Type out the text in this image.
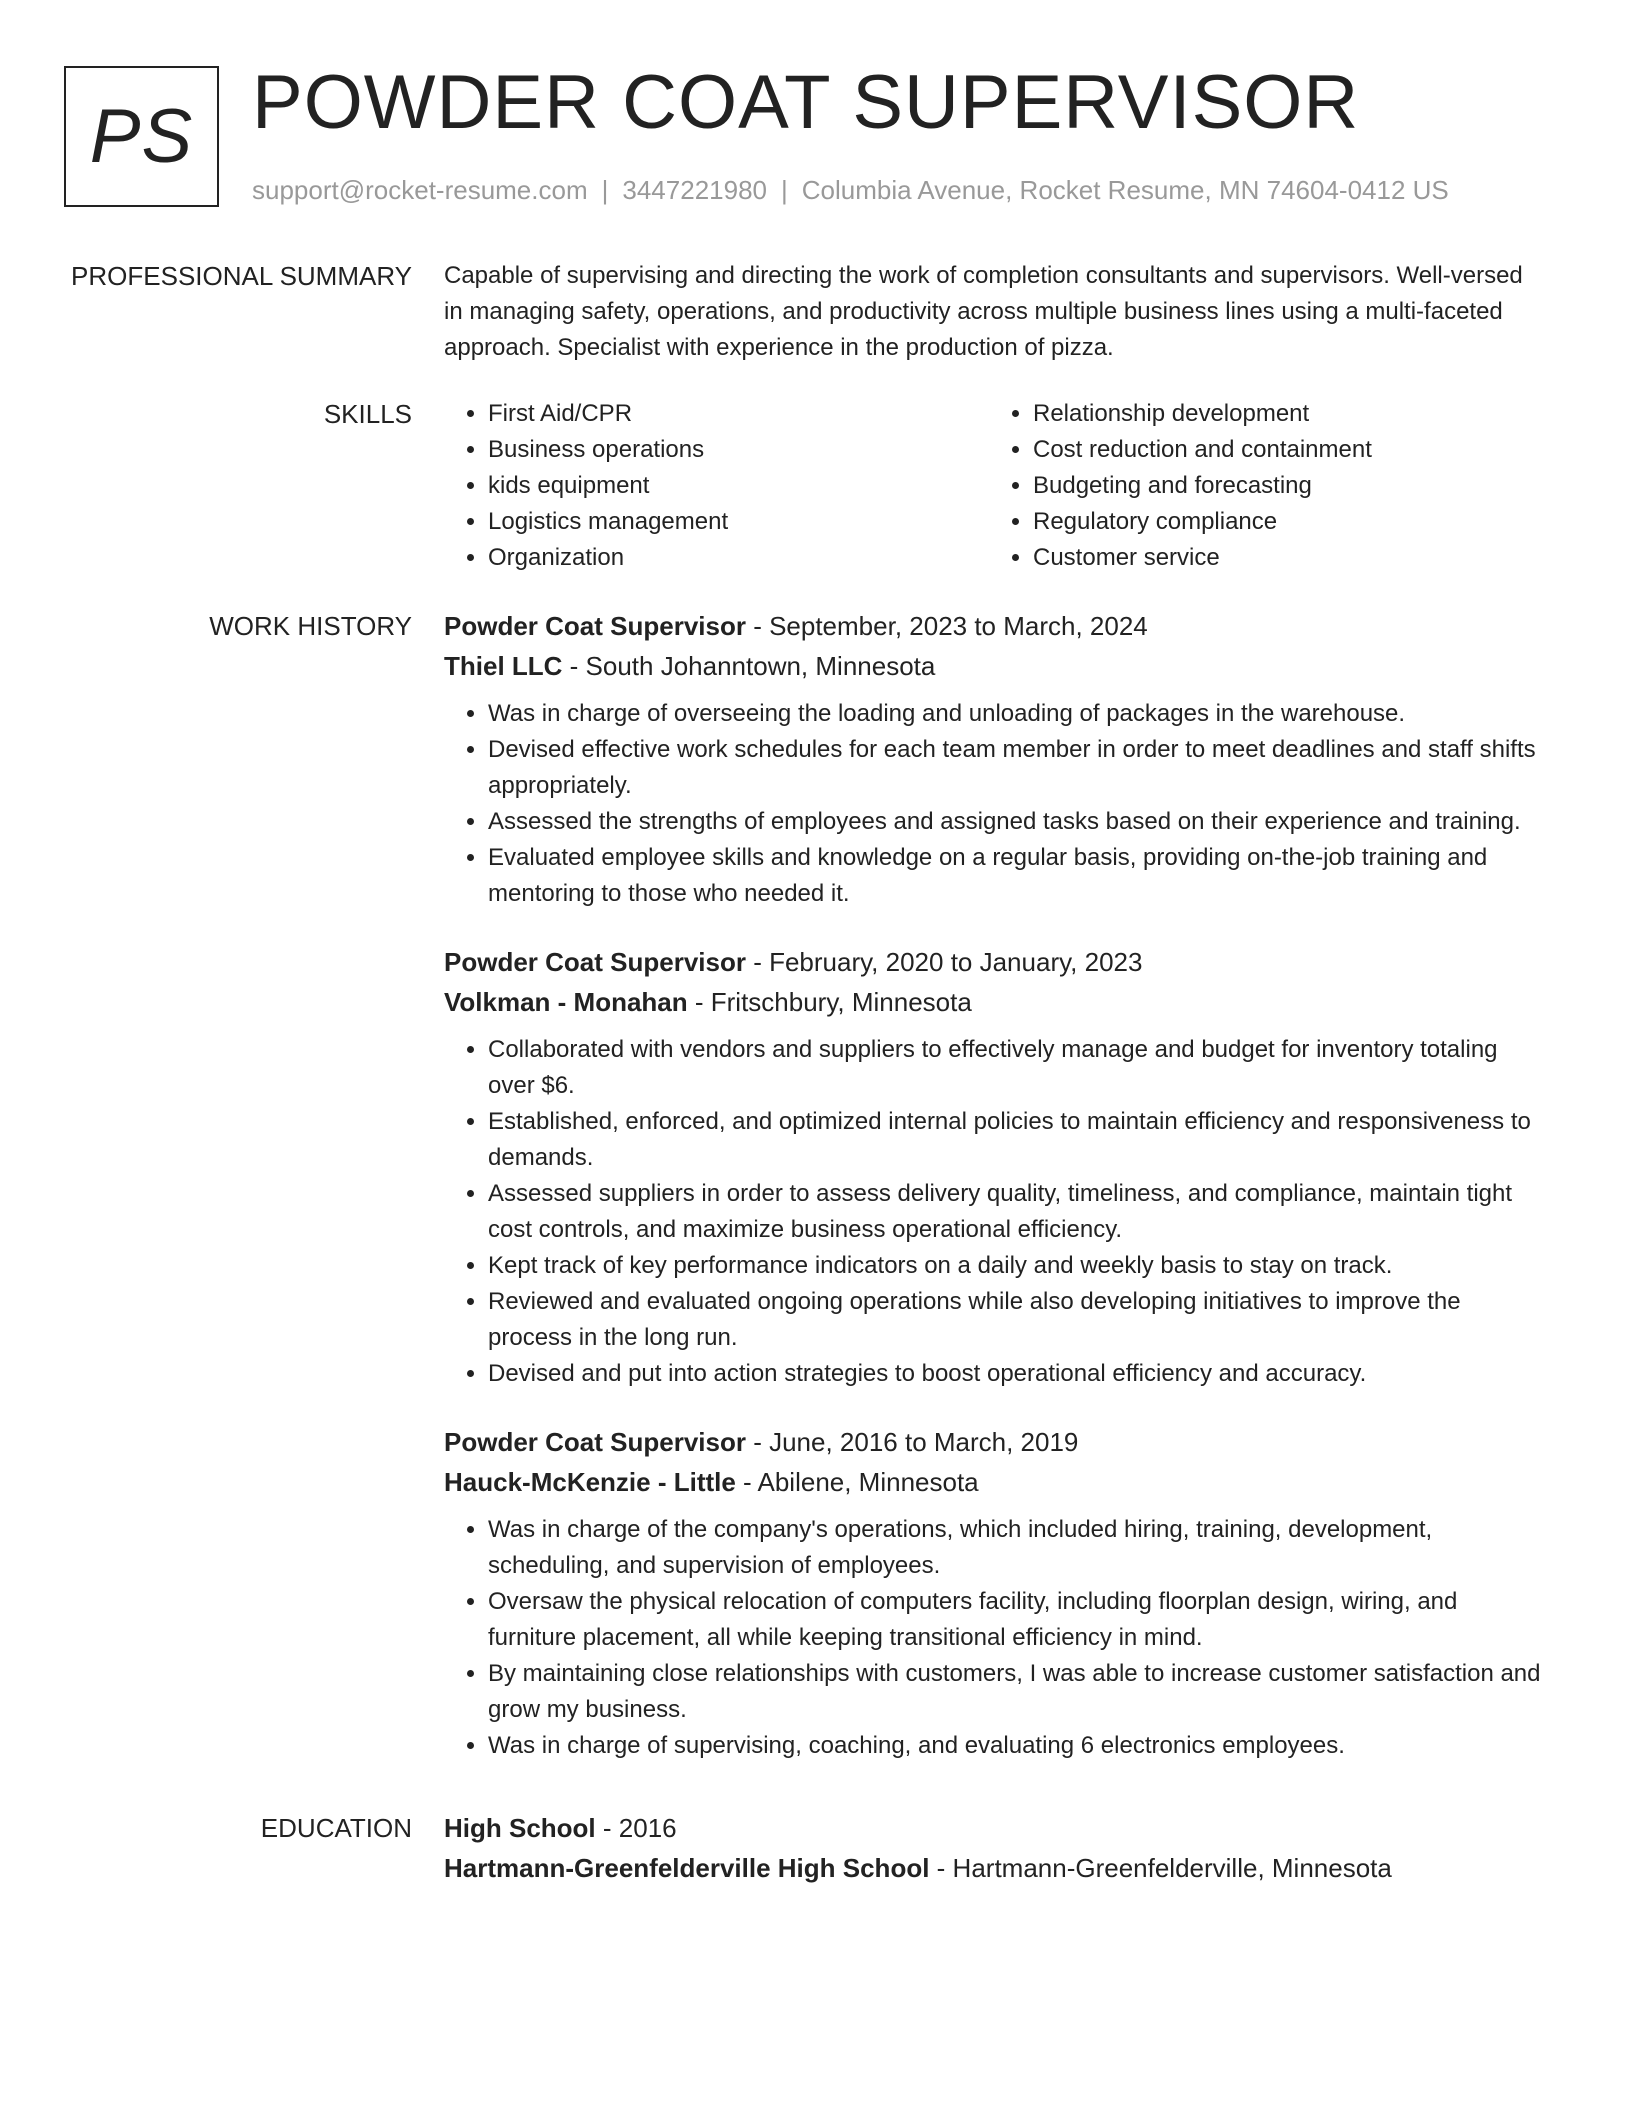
PS POWDER COAT SUPERVISOR
support@rocket-resume.com | 3447221980 | Columbia Avenue, Rocket Resume, MN 74604-0412 US
PROFESSIONAL SUMMARY Capable of supervising and directing the work of completion consultants and supervisors. Well-versed in managing safety, operations, and productivity across multiple business lines using a multi-faceted approach. Specialist with experience in the production of pizza.

SKILLS
•	First Aid/CPR
• Business operations
• kids equipment
• Logistics management
• Organization
• Relationship development
• Cost reduction and containment
• Budgeting and forecasting
• Regulatory compliance
• Customer service
WORK HISTORY Powder Coat Supervisor - September, 2023 to March, 2024
Thiel LLC - South Johanntown, Minnesota
• Was in charge of overseeing the loading and unloading of packages in the warehouse.
• Devised effective work schedules for each team member in order to meet deadlines and staff shifts appropriately.
• Assessed the strengths of employees and assigned tasks based on their experience and training.
• Evaluated employee skills and knowledge on a regular basis, providing on-the-job training and mentoring to those who needed it.
Powder Coat Supervisor - February, 2020 to January, 2023
Volkman - Monahan - Fritschbury, Minnesota
• Collaborated with vendors and suppliers to effectively manage and budget for inventory totaling over $6.
• Established, enforced, and optimized internal policies to maintain efficiency and responsiveness to demands.
• Assessed suppliers in order to assess delivery quality, timeliness, and compliance, maintain tight cost controls, and maximize business operational efficiency.
• Kept track of key performance indicators on a daily and weekly basis to stay on track.
• Reviewed and evaluated ongoing operations while also developing initiatives to improve the process in the long run.
• Devised and put into action strategies to boost operational efficiency and accuracy.
Powder Coat Supervisor - June, 2016 to March, 2019
Hauck-McKenzie - Little - Abilene, Minnesota
• Was in charge of the company's operations, which included hiring, training, development, scheduling, and supervision of employees.
• Oversaw the physical relocation of computers facility, including floorplan design, wiring, and furniture placement, all while keeping transitional efficiency in mind.
• By maintaining close relationships with customers, I was able to increase customer satisfaction and grow my business.
• Was in charge of supervising, coaching, and evaluating 6 electronics employees.
EDUCATION High School - 2016
Hartmann-Greenfelderville High School - Hartmann-Greenfelderville, Minnesota
